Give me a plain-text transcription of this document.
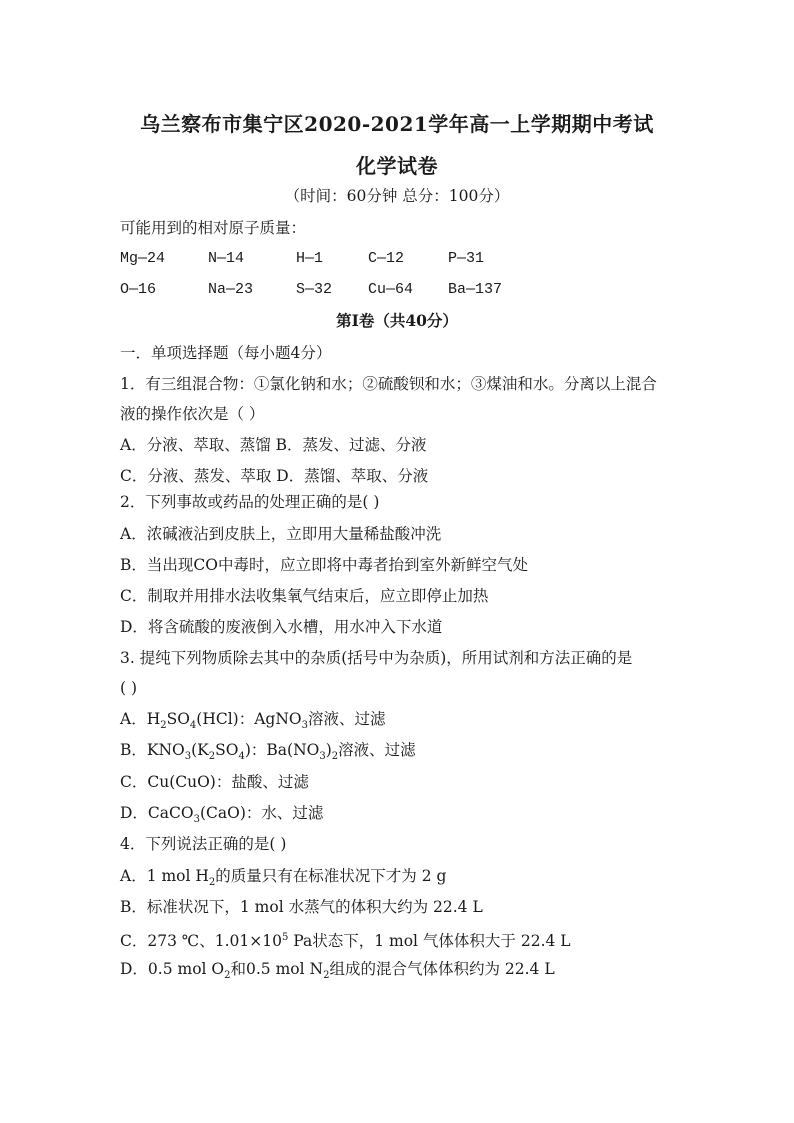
乌兰察布市集宁区2020-2021学年高一上学期期中考试
化学试卷
（时间：60分钟 总分：100分）
可能用到的相对原子质量：
Mg—24	N—14	H—1	C—12	P—31
O—16	Na—23	S—32 Cu—64 Ba—137
第Ⅰ卷（共40分）
一．单项选择题（每小题4分）
1．有三组混合物：①氯化钠和水；②硫酸钡和水；③煤油和水。分离以上混合
液的操作依次是（ ）
A．分液、萃取、蒸馏 B．蒸发、过滤、分液
C．分液、蒸发、萃取 D．蒸馏、萃取、分液
2．下列事故或药品的处理正确的是( )
A．浓碱液沾到皮肤上，立即用大量稀盐酸冲洗
B．当出现CO中毒时，应立即将中毒者抬到室外新鲜空气处
C．制取并用排水法收集氧气结束后，应立即停止加热
D．将含硫酸的废液倒入水槽，用水冲入下水道
3. 提纯下列物质除去其中的杂质(括号中为杂质)，所用试剂和方法正确的是
( )
A．$H_2SO_4(HCl)$：AgNO$_3$溶液、过滤
B．$KNO_3(K_2SO_4)$：$Ba(NO_3)_2$溶液、过滤
C．Cu(CuO)：盐酸、过滤
D．CaCO$_3$(CaO)：水、过滤
4．下列说法正确的是( )
A．1 mol $H_2$的质量只有在标准状况下才为 2 g
B．标准状况下，1 mol 水蒸气的体积大约为 22.4 L
C．273 ℃、$1.01\times 10^5$ Pa状态下，1 mol 气体体积大于 22.4 L
D．0.5 mol $O_2$和0.5 mol $N_2$组成的混合气体体积约为 22.4 L
